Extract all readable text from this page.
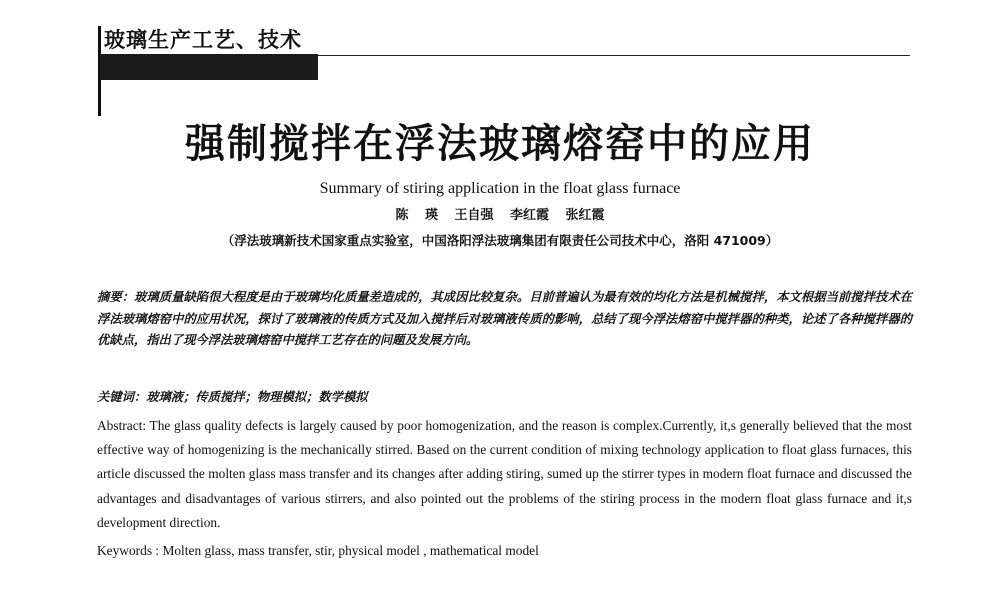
玻璃生产工艺、技术
强制搅拌在浮法玻璃熔窑中的应用
Summary of stiring application in the float glass furnace
陈 瑛 王自强 李红霞 张红霞
（浮法玻璃新技术国家重点实验室，中国洛阳浮法玻璃集团有限责任公司技术中心，洛阳 471009）
摘要：玻璃质量缺陷很大程度是由于玻璃均化质量差造成的，其成因比较复杂。目前普遍认为最有效的均化方法是机械搅拌，本文根据当前搅拌技术在浮法玻璃熔窑中的应用状况，探讨了玻璃液的传质方式及加入搅拌后对玻璃液传质的影响，总结了现今浮法熔窑中搅拌器的种类，论述了各种搅拌器的优缺点，指出了现今浮法玻璃熔窑中搅拌工艺存在的问题及发展方向。
关键词：玻璃液；传质搅拌；物理模拟；数学模拟
Abstract: The glass quality defects is largely caused by poor homogenization, and the reason is complex.Currently, it,s generally believed that the most effective way of homogenizing is the mechanically stirred. Based on the current condition of mixing technology application to float glass furnaces, this article discussed the molten glass mass transfer and its changes after adding stiring, sumed up the stirrer types in modern float furnace and discussed the advantages and disadvantages of various stirrers, and also pointed out the problems of the stiring process in the modern float glass furnace and it,s development direction.
Keywords : Molten glass, mass transfer, stir, physical model , mathematical model
